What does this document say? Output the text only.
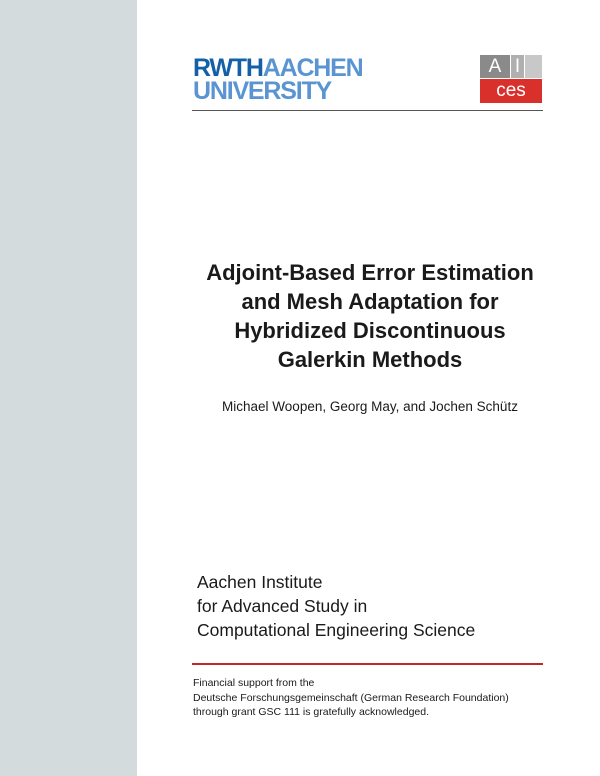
RWTHAACHEN
UNIVERSITY
A I
ces
Adjoint-Based Error Estimation
and Mesh Adaptation for
Hybridized Discontinuous
Galerkin Methods
Michael Woopen, Georg May, and Jochen Schütz
Aachen Institute
for Advanced Study in
Computational Engineering Science
Financial support from the
Deutsche Forschungsgemeinschaft (German Research Foundation)
through grant GSC 111 is gratefully acknowledged.
